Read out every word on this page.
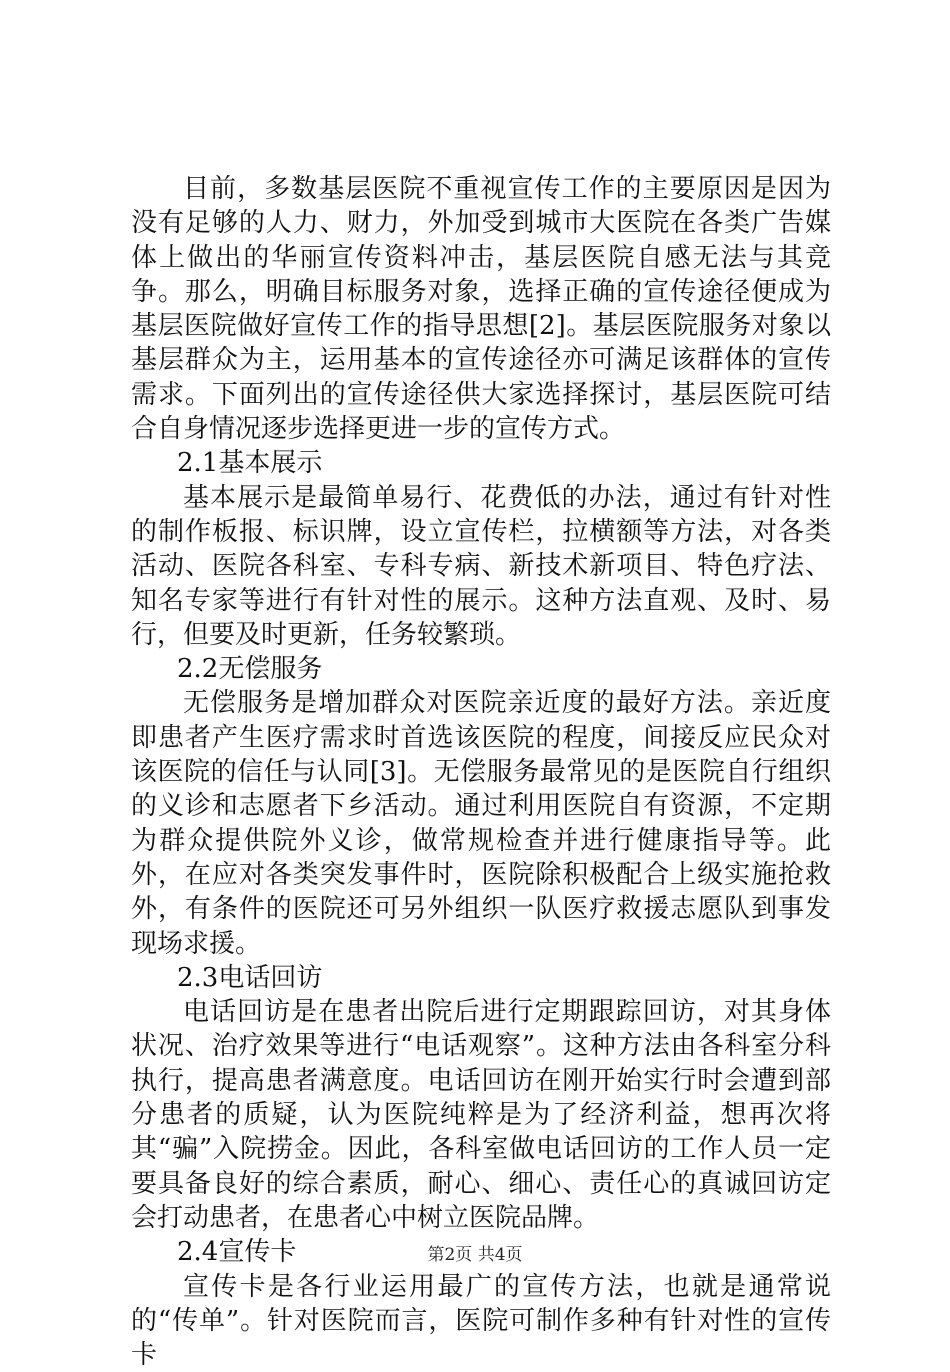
目前，多数基层医院不重视宣传工作的主要原因是因为没有足够的人力、财力，外加受到城市大医院在各类广告媒体上做出的华丽宣传资料冲击，基层医院自感无法与其竞争。那么，明确目标服务对象，选择正确的宣传途径便成为基层医院做好宣传工作的指导思想[2]。基层医院服务对象以基层群众为主，运用基本的宣传途径亦可满足该群体的宣传需求。下面列出的宣传途径供大家选择探讨，基层医院可结合自身情况逐步选择更进一步的宣传方式。

2.1基本展示

基本展示是最简单易行、花费低的办法，通过有针对性的制作板报、标识牌，设立宣传栏，拉横额等方法，对各类活动、医院各科室、专科专病、新技术新项目、特色疗法、知名专家等进行有针对性的展示。这种方法直观、及时、易行，但要及时更新，任务较繁琐。

2.2无偿服务

无偿服务是增加群众对医院亲近度的最好方法。亲近度即患者产生医疗需求时首选该医院的程度，间接反应民众对该医院的信任与认同[3]。无偿服务最常见的是医院自行组织的义诊和志愿者下乡活动。通过利用医院自有资源，不定期为群众提供院外义诊，做常规检查并进行健康指导等。此外，在应对各类突发事件时，医院除积极配合上级实施抢救外，有条件的医院还可另外组织一队医疗救援志愿队到事发现场求援。

2.3电话回访

电话回访是在患者出院后进行定期跟踪回访，对其身体状况、治疗效果等进行“电话观察”。这种方法由各科室分科执行，提高患者满意度。电话回访在刚开始实行时会遭到部分患者的质疑，认为医院纯粹是为了经济利益，想再次将其“骗”入院捞金。因此，各科室做电话回访的工作人员一定要具备良好的综合素质，耐心、细心、责任心的真诚回访定会打动患者，在患者心中树立医院品牌。

2.4宣传卡

宣传卡是各行业运用最广的宣传方法，也就是通常说的“传单”。针对医院而言，医院可制作多种有针对性的宣传卡

第2页 共4页
